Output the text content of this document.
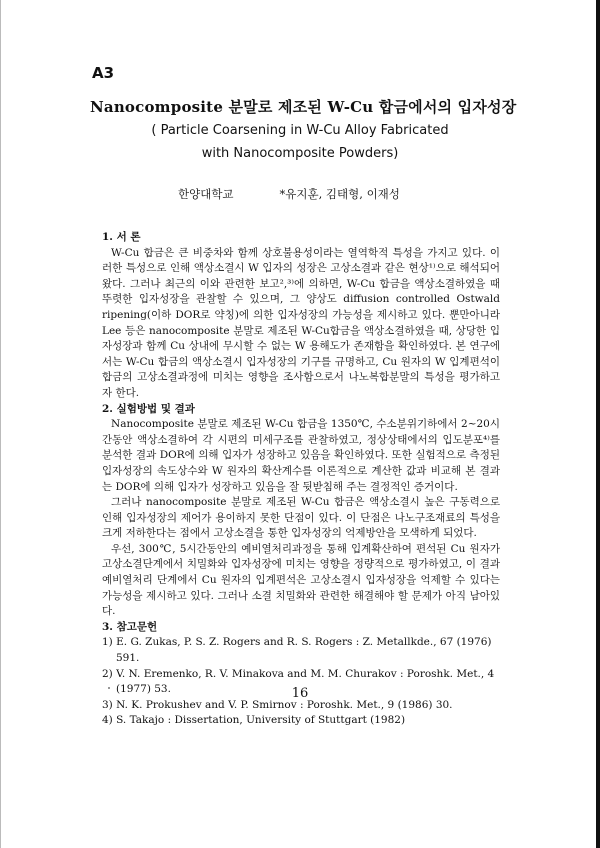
A3
Nanocomposite 분말로 제조된 W-Cu 합금에서의 입자성장
( Particle Coarsening in W-Cu Alloy Fabricated
with Nanocomposite Powders)
한양대학교	*유지훈, 김태형, 이재성
1. 서 론

W-Cu 합금은 큰 비중차와 함께 상호불용성이라는 열역학적 특성을 가지고 있다. 이러한 특성으로 인해 액상소결시 W 입자의 성장은 고상소결과 같은 현상¹⁾으로 해석되어왔다. 그러나 최근의 이와 관련한 보고²,³⁾에 의하면, W-Cu 합금을 액상소결하였을 때 뚜렷한 입자성장을 관찰할 수 있으며, 그 양상도 diffusion controlled Ostwald ripening(이하 DOR로 약칭)에 의한 입자성장의 가능성을 제시하고 있다. 뿐만아니라 Lee 등은 nanocomposite 분말로 제조된 W-Cu합금을 액상소결하였을 때, 상당한 입자성장과 함께 Cu 상내에 무시할 수 없는 W 용해도가 존재함을 확인하였다. 본 연구에서는 W-Cu 합금의 액상소결시 입자성장의 기구를 규명하고, Cu 원자의 W 입계편석이 합금의 고상소결과정에 미치는 영향을 조사함으로서 나노복합분말의 특성을 평가하고자 한다.

2. 실험방법 및 결과

Nanocomposite 분말로 제조된 W-Cu 합금을 1350℃, 수소분위기하에서 2~20시간동안 액상소결하여 각 시편의 미세구조를 관찰하였고, 정상상태에서의 입도분포⁴⁾를 분석한 결과 DOR에 의해 입자가 성장하고 있음을 확인하였다. 또한 실험적으로 측정된 입자성장의 속도상수와 W 원자의 확산계수를 이론적으로 계산한 값과 비교해 본 결과는 DOR에 의해 입자가 성장하고 있음을 잘 뒷받침해 주는 결정적인 증거이다.

그러나 nanocomposite 분말로 제조된 W-Cu 합금은 액상소결시 높은 구동력으로 인해 입자성장의 제어가 용이하지 못한 단점이 있다. 이 단점은 나노구조재료의 특성을 크게 저하한다는 점에서 고상소결을 통한 입자성장의 억제방안을 모색하게 되었다.

우선, 300℃, 5시간동안의 예비열처리과정을 통해 입계확산하여 편석된 Cu 원자가 고상소결단계에서 치밀화와 입자성장에 미치는 영향을 정량적으로 평가하였고, 이 결과 예비열처리 단계에서 Cu 원자의 입계편석은 고상소결시 입자성장을 억제할 수 있다는 가능성을 제시하고 있다. 그러나 소결 치밀화와 관련한 해결해야 할 문제가 아직 남아있다.

3. 참고문헌
1) E. G. Zukas, P. S. Z. Rogers and R. S. Rogers : Z. Metallkde., 67 (1976) 591.
2) V. N. Eremenko, R. V. Minakova and M. M. Churakov : Poroshk. Met., 4 (1977) 53.
3) N. K. Prokushev and V. P. Smirnov : Poroshk. Met., 9 (1986) 30.
4) S. Takajo : Dissertation, University of Stuttgart (1982)
16
